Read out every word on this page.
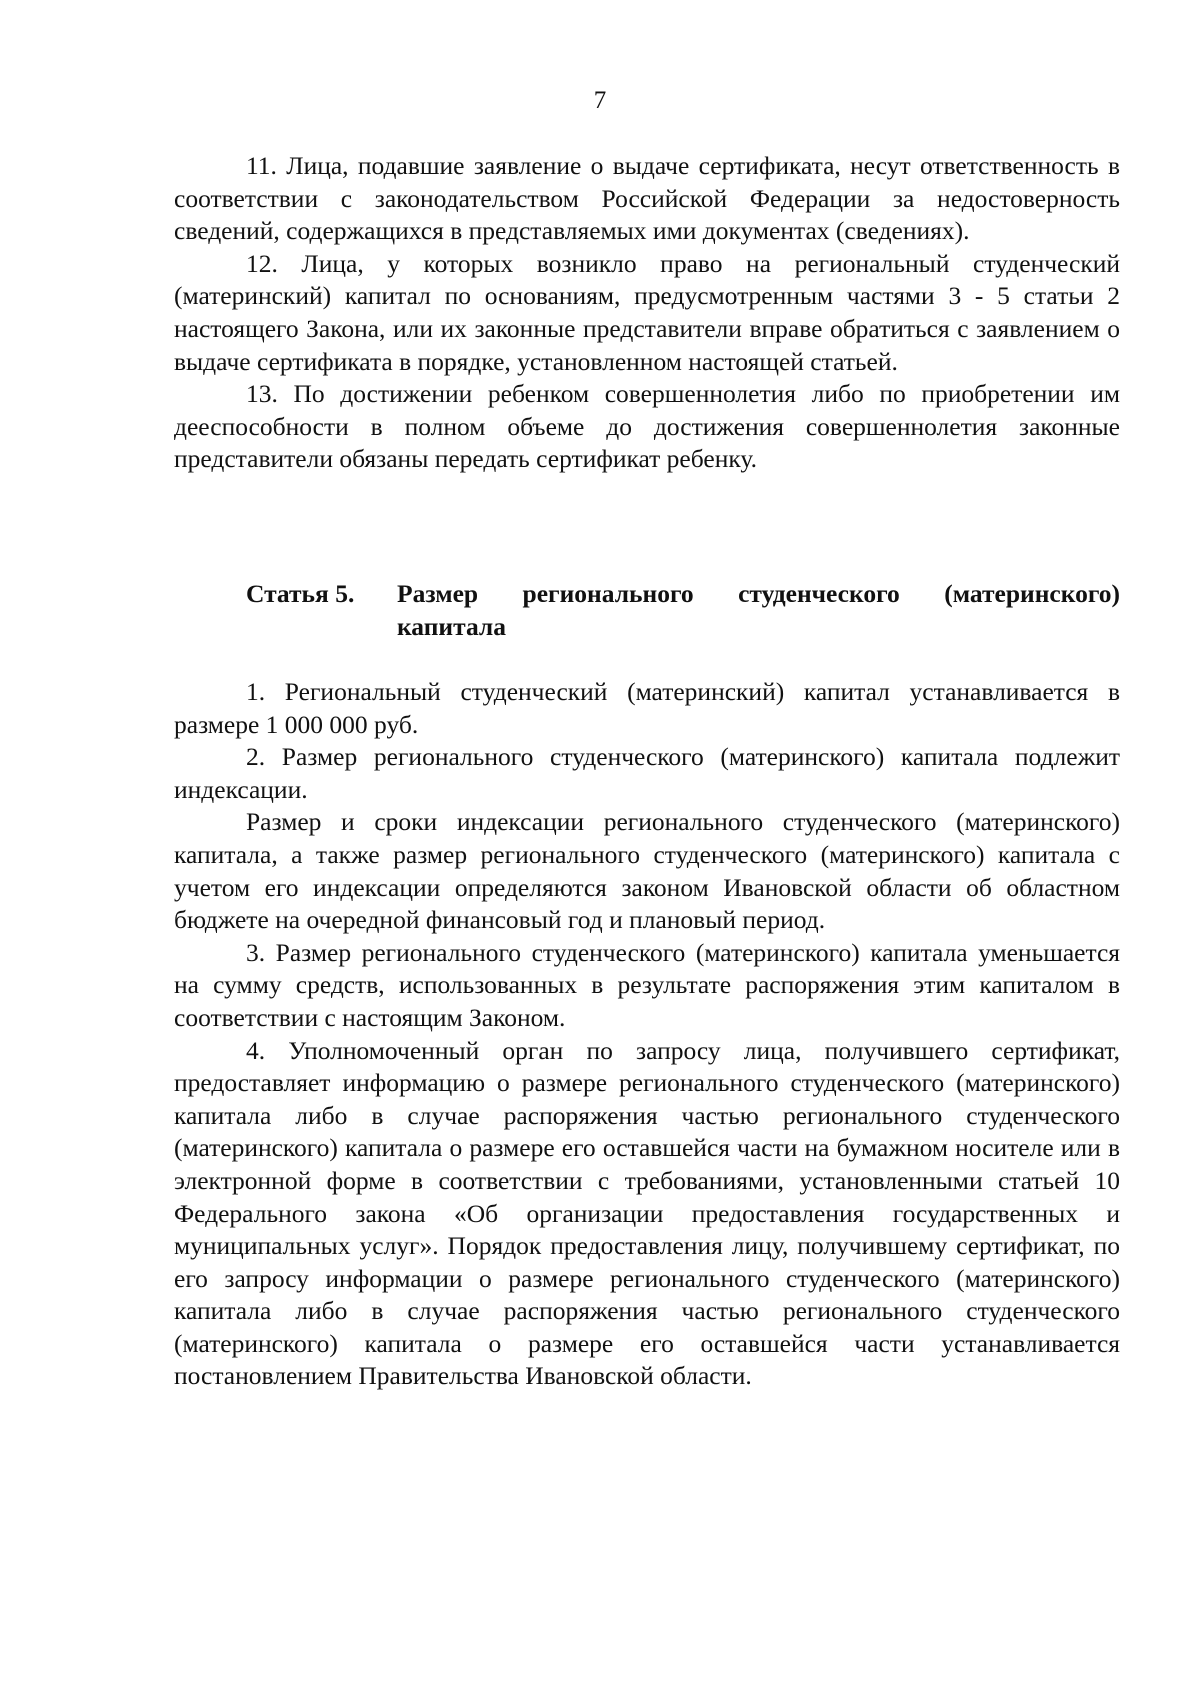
7

11. Лица, подавшие заявление о выдаче сертификата, несут ответственность в соответствии с законодательством Российской Федерации за недостоверность сведений, содержащихся в представляемых ими документах (сведениях).

12. Лица, у которых возникло право на региональный студенческий (материнский) капитал по основаниям, предусмотренным частями 3 - 5 статьи 2 настоящего Закона, или их законные представители вправе обратиться с заявлением о выдаче сертификата в порядке, установленном настоящей статьей.

13. По достижении ребенком совершеннолетия либо по приобретении им дееспособности в полном объеме до достижения совершеннолетия законные представители обязаны передать сертификат ребенку.

Статья 5. Размер регионального студенческого (материнского) капитала

1. Региональный студенческий (материнский) капитал устанавливается в размере 1 000 000 руб.

2. Размер регионального студенческого (материнского) капитала подлежит индексации.

Размер и сроки индексации регионального студенческого (материнского) капитала, а также размер регионального студенческого (материнского) капитала с учетом его индексации определяются законом Ивановской области об областном бюджете на очередной финансовый год и плановый период.

3. Размер регионального студенческого (материнского) капитала уменьшается на сумму средств, использованных в результате распоряжения этим капиталом в соответствии с настоящим Законом.

4. Уполномоченный орган по запросу лица, получившего сертификат, предоставляет информацию о размере регионального студенческого (материнского) капитала либо в случае распоряжения частью регионального студенческого (материнского) капитала о размере его оставшейся части на бумажном носителе или в электронной форме в соответствии с требованиями, установленными статьей 10 Федерального закона «Об организации предоставления государственных и муниципальных услуг». Порядок предоставления лицу, получившему сертификат, по его запросу информации о размере регионального студенческого (материнского) капитала либо в случае распоряжения частью регионального студенческого (материнского) капитала о размере его оставшейся части устанавливается постановлением Правительства Ивановской области.
